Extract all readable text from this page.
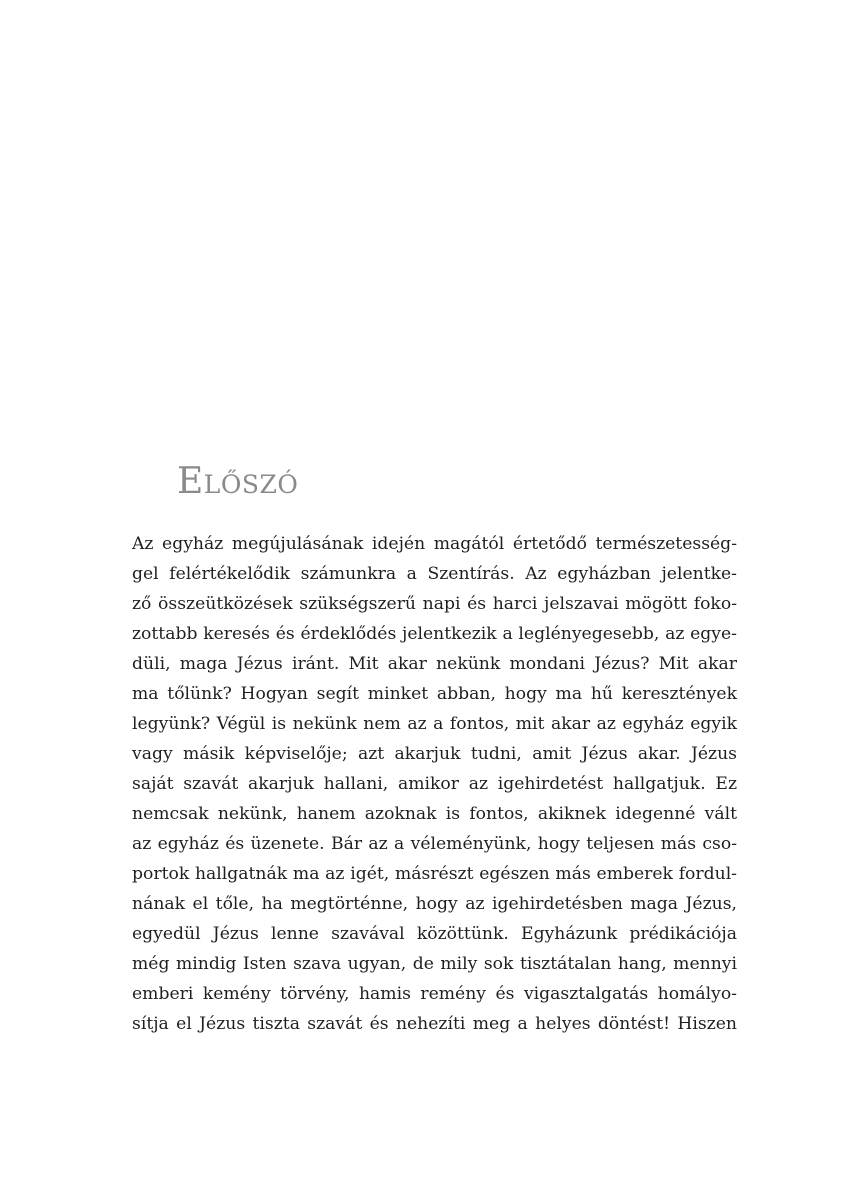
Előszó
Az egyház megújulásának idején magától értetődő természetesség-
gel felértékelődik számunkra a Szentírás. Az egyházban jelentke-
ző összeütközések szükségszerű napi és harci jelszavai mögött foko-
zottabb keresés és érdeklődés jelentkezik a leglényegesebb, az egye-
düli, maga Jézus iránt. Mit akar nekünk mondani Jézus? Mit akar
ma tőlünk? Hogyan segít minket abban, hogy ma hű keresztények
legyünk? Végül is nekünk nem az a fontos, mit akar az egyház egyik
vagy másik képviselője; azt akarjuk tudni, amit Jézus akar. Jézus
saját szavát akarjuk hallani, amikor az igehirdetést hallgatjuk. Ez
nemcsak nekünk, hanem azoknak is fontos, akiknek idegenné vált
az egyház és üzenete. Bár az a véleményünk, hogy teljesen más cso-
portok hallgatnák ma az igét, másrészt egészen más emberek fordul-
nának el tőle, ha megtörténne, hogy az igehirdetésben maga Jézus,
egyedül Jézus lenne szavával közöttünk. Egyházunk prédikációja
még mindig Isten szava ugyan, de mily sok tisztátalan hang, mennyi
emberi kemény törvény, hamis remény és vigasztalgatás homályo-
sítja el Jézus tiszta szavát és nehezíti meg a helyes döntést! Hiszen
